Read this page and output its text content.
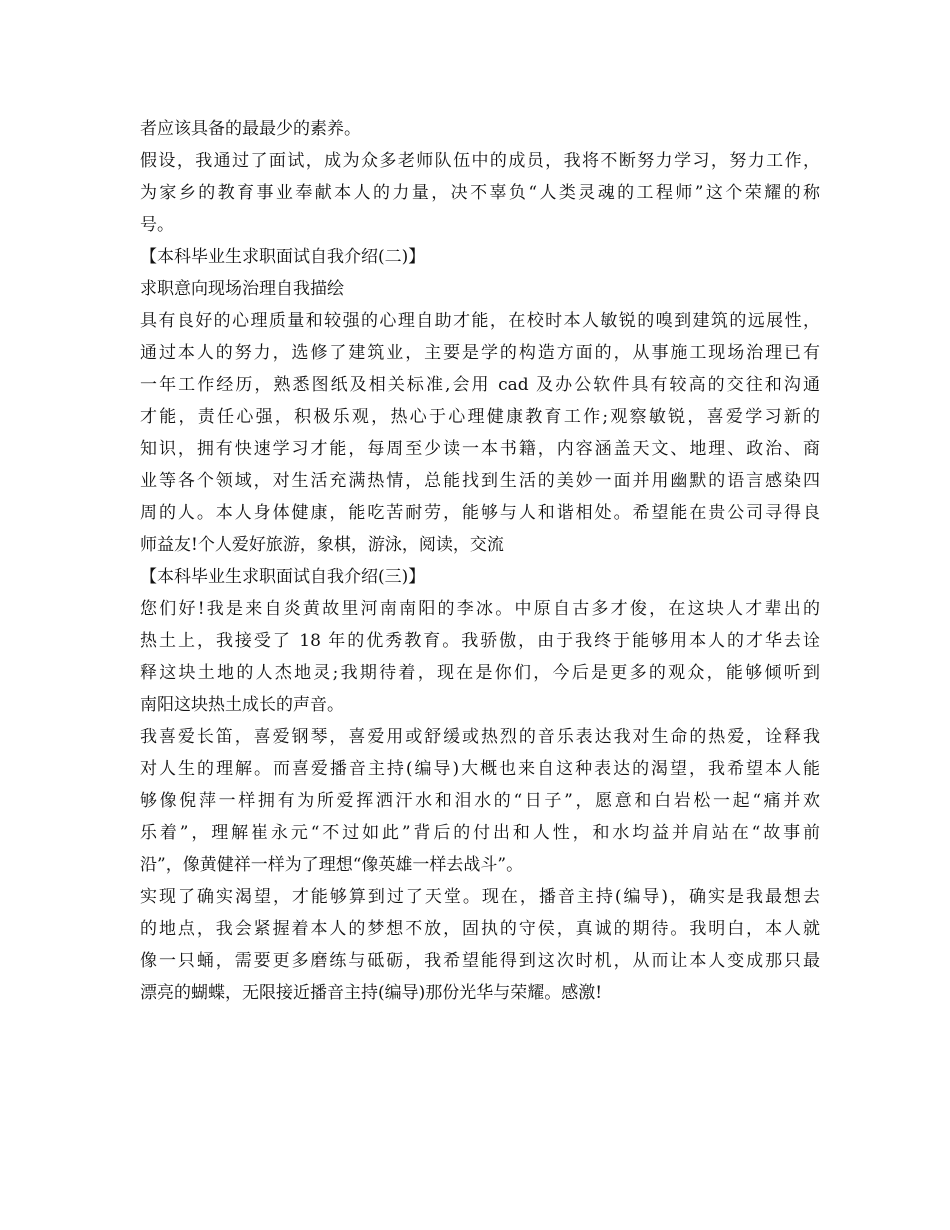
者应该具备的最最少的素养。
假设，我通过了面试，成为众多老师队伍中的成员，我将不断努力学习，努力工作，
为家乡的教育事业奉献本人的力量，决不辜负“人类灵魂的工程师”这个荣耀的称
号。
【本科毕业生求职面试自我介绍(二)】
求职意向现场治理自我描绘
具有良好的心理质量和较强的心理自助才能，在校时本人敏锐的嗅到建筑的远展性，
通过本人的努力，选修了建筑业，主要是学的构造方面的，从事施工现场治理已有
一年工作经历，熟悉图纸及相关标准,会用 cad 及办公软件具有较高的交往和沟通
才能，责任心强，积极乐观，热心于心理健康教育工作;观察敏锐，喜爱学习新的
知识，拥有快速学习才能，每周至少读一本书籍，内容涵盖天文、地理、政治、商
业等各个领域，对生活充满热情，总能找到生活的美妙一面并用幽默的语言感染四
周的人。本人身体健康，能吃苦耐劳，能够与人和谐相处。希望能在贵公司寻得良
师益友!个人爱好旅游，象棋，游泳，阅读，交流
【本科毕业生求职面试自我介绍(三)】
您们好!我是来自炎黄故里河南南阳的李冰。中原自古多才俊，在这块人才辈出的
热土上，我接受了 18 年的优秀教育。我骄傲，由于我终于能够用本人的才华去诠
释这块土地的人杰地灵;我期待着，现在是你们，今后是更多的观众，能够倾听到
南阳这块热土成长的声音。
我喜爱长笛，喜爱钢琴，喜爱用或舒缓或热烈的音乐表达我对生命的热爱，诠释我
对人生的理解。而喜爱播音主持(编导)大概也来自这种表达的渴望，我希望本人能
够像倪萍一样拥有为所爱挥洒汗水和泪水的“日子”，愿意和白岩松一起“痛并欢
乐着”，理解崔永元“不过如此”背后的付出和人性，和水均益并肩站在“故事前
沿”，像黄健祥一样为了理想“像英雄一样去战斗”。
实现了确实渴望，才能够算到过了天堂。现在，播音主持(编导)，确实是我最想去
的地点，我会紧握着本人的梦想不放，固执的守侯，真诚的期待。我明白，本人就
像一只蛹，需要更多磨练与砥砺，我希望能得到这次时机，从而让本人变成那只最
漂亮的蝴蝶，无限接近播音主持(编导)那份光华与荣耀。感激!
